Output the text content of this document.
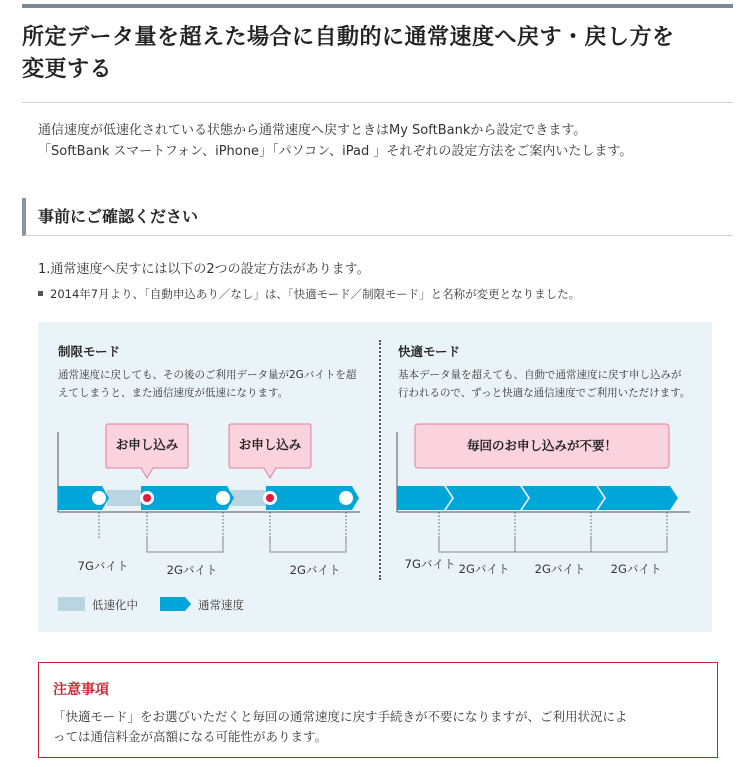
所定データ量を超えた場合に自動的に通常速度へ戻す・戻し方を
変更する

通信速度が低速化されている状態から通常速度へ戻すときはMy SoftBankから設定できます。

「SoftBank スマートフォン、iPhone」「パソコン、iPad 」それぞれの設定方法をご案内いたします。

事前にご確認ください
1.通常速度へ戻すには以下の2つの設定方法があります。
2014年7月より、「自動申込あり／なし」は、「快適モード／制限モード」と名称が変更となりました。
制限モード

通常速度に戻しても、その後のご利用データ量が2Gバイトを超

えてしまうと、また通信速度が低速になります。

快適モード

基本データ量を超えても、自動で通常速度に戻す申し込みが

行われるので、ずっと快適な通信速度でご利用いただけます。

お申し込み	お申し込み
7Gバイト	2Gバイト	2Gバイト
低速化中	通常速度
毎回のお申し込みが不要！
7Gバイト 2Gバイト 2Gバイト 2Gバイト
注意事項

「快適モード」をお選びいただくと毎回の通常速度に戻す手続きが不要になりますが、ご利用状況によ

っては通信料金が高額になる可能性があります。
